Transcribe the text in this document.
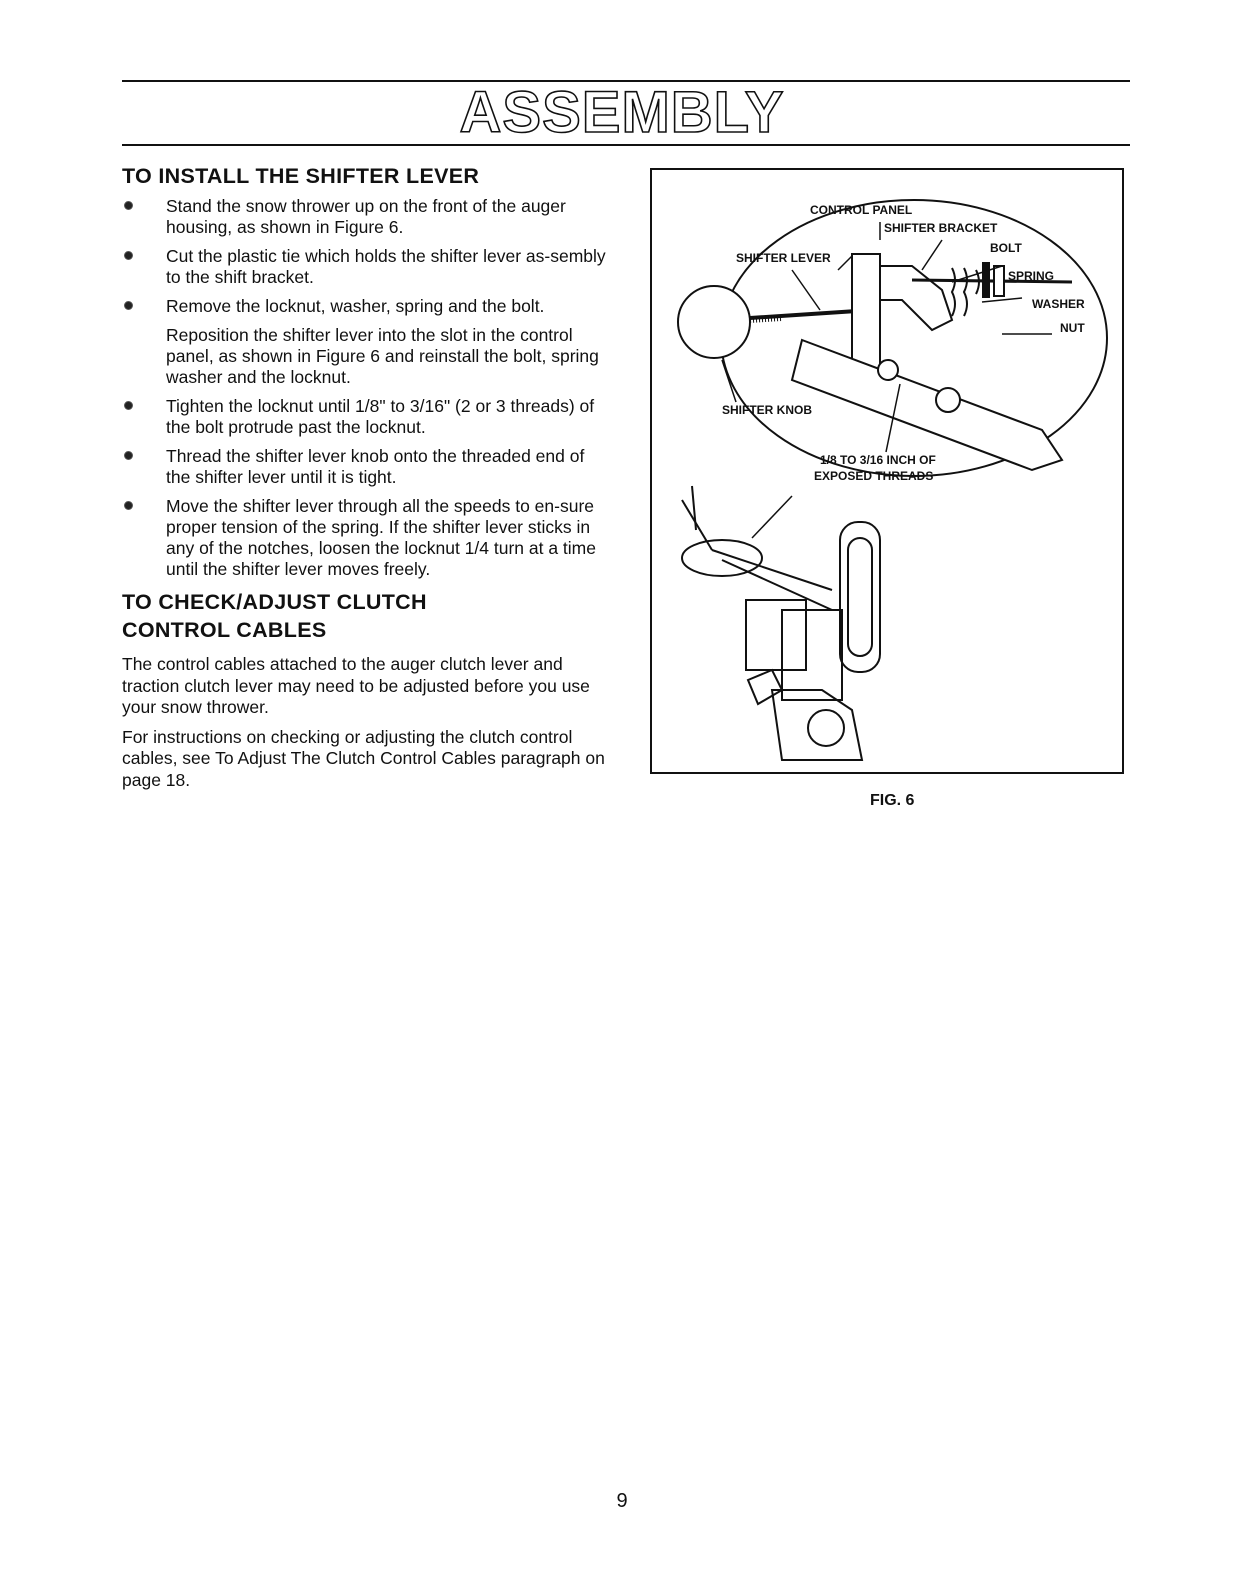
ASSEMBLY
TO INSTALL THE SHIFTER LEVER

Stand the snow thrower up on the front of the auger housing, as shown in Figure 6.

Cut the plastic tie which holds the shifter lever as-sembly to the shift bracket.

Remove the locknut, washer, spring and the bolt.

Reposition the shifter lever into the slot in the control panel, as shown in Figure 6 and reinstall the bolt, spring washer and the locknut.

Tighten the locknut until 1/8" to 3/16" (2 or 3 threads) of the bolt protrude past the locknut.

Thread the shifter lever knob onto the threaded end of the shifter lever until it is tight.

Move the shifter lever through all the speeds to en-sure proper tension of the spring. If the shifter lever sticks in any of the notches, loosen the locknut 1/4 turn at a time until the shifter lever moves freely.

TO CHECK/ADJUST CLUTCH
CONTROL CABLES

The control cables attached to the auger clutch lever and traction clutch lever may need to be adjusted before you use your snow thrower.

For instructions on checking or adjusting the clutch control cables, see To Adjust The Clutch Control Cables paragraph on page 18.

CONTROL PANEL
SHIFTER BRACKET
BOLT
SPRING
WASHER
NUT
SHIFTER LEVER
SHIFTER KNOB
1/8 TO 3/16 INCH OF
EXPOSED THREADS
FIG. 6
9
